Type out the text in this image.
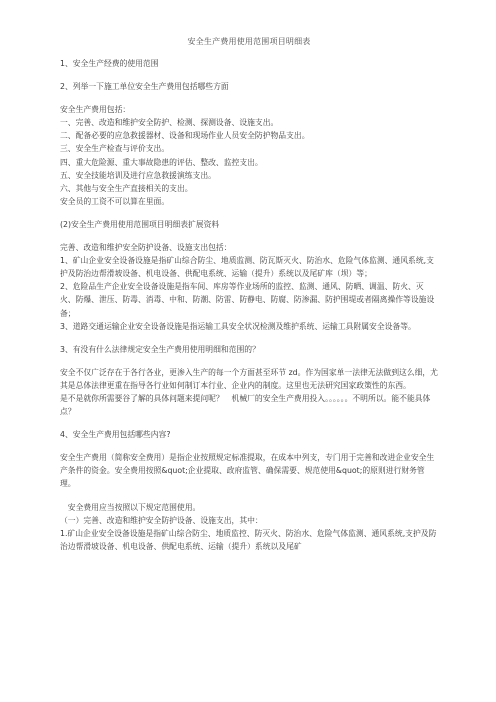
安全生产费用使用范围项目明细表

1、安全生产经费的使用范围

2、列举一下施工单位安全生产费用包括哪些方面

安全生产费用包括：

一、完善、改造和维护安全防护、检测、探测设备、设施支出。

二、配备必要的应急救援器材、设备和现场作业人员安全防护物品支出。

三、安全生产检查与评价支出。

四、重大危险源、重大事故隐患的评估、整改、监控支出。

五、安全技能培训及进行应急救援演练支出。

六、其他与安全生产直接相关的支出。

安全员的工资不可以算在里面。

(2)安全生产费用使用范围项目明细表扩展资料

完善、改造和维护安全防护设备、设施支出包括：

1、矿山企业安全设备设施是指矿山综合防尘、地质监测、防瓦斯灭火、防治水、危险气体监测、通风系统,支护及防治边帮滑坡设备、机电设备、供配电系统、运输（提升）系统以及尾矿库（坝）等；

2、危险品生产企业安全设备设施是指车间、库房等作业场所的监控、监测、通风、防晒、调温、防火、灭火、防爆、泄压、防毒、消毒、中和、防潮、防雷、防静电、防腐、防渗漏、防护围堤或者隔离操作等设施设备；

3、道路交通运输企业安全设备设施是指运输工具安全状况检测及维护系统、运输工具附属安全设备等。

3、有没有什么法律规定安全生产费用使用明细和范围的？

安全不仅广泛存在于各行各业，更渗入生产的每一个方面甚至环节 zd。作为国家单一法律无法做到这么细，尤其是总体法律更重在指导各行业如何制订本行业、企业内的制度。这里也无法研究国家政策性的东西。

是不是就你所需要谷了解的具体问题来提问呢？　机械厂的安全生产费用投入。。。。。。不明所以。能不能具体点？

4、安全生产费用包括哪些内容?

安全生产费用（简称安全费用）是指企业按照规定标准提取，在成本中列支，专门用于完善和改进企业安全生产条件的资金。安全费用按照&quot;企业提取、政府监管、确保需要、规范使用&quot;的原则进行财务管理。

　安全费用应当按照以下规定范围使用。

（一）完善、改造和维护安全防护设备、设施支出，其中：

1.矿山企业安全设备设施是指矿山综合防尘、地质监控、防灭火、防治水、危险气体监测、通风系统,支护及防治边帮滑坡设备、机电设备、供配电系统、运输（提升）系统以及尾矿
